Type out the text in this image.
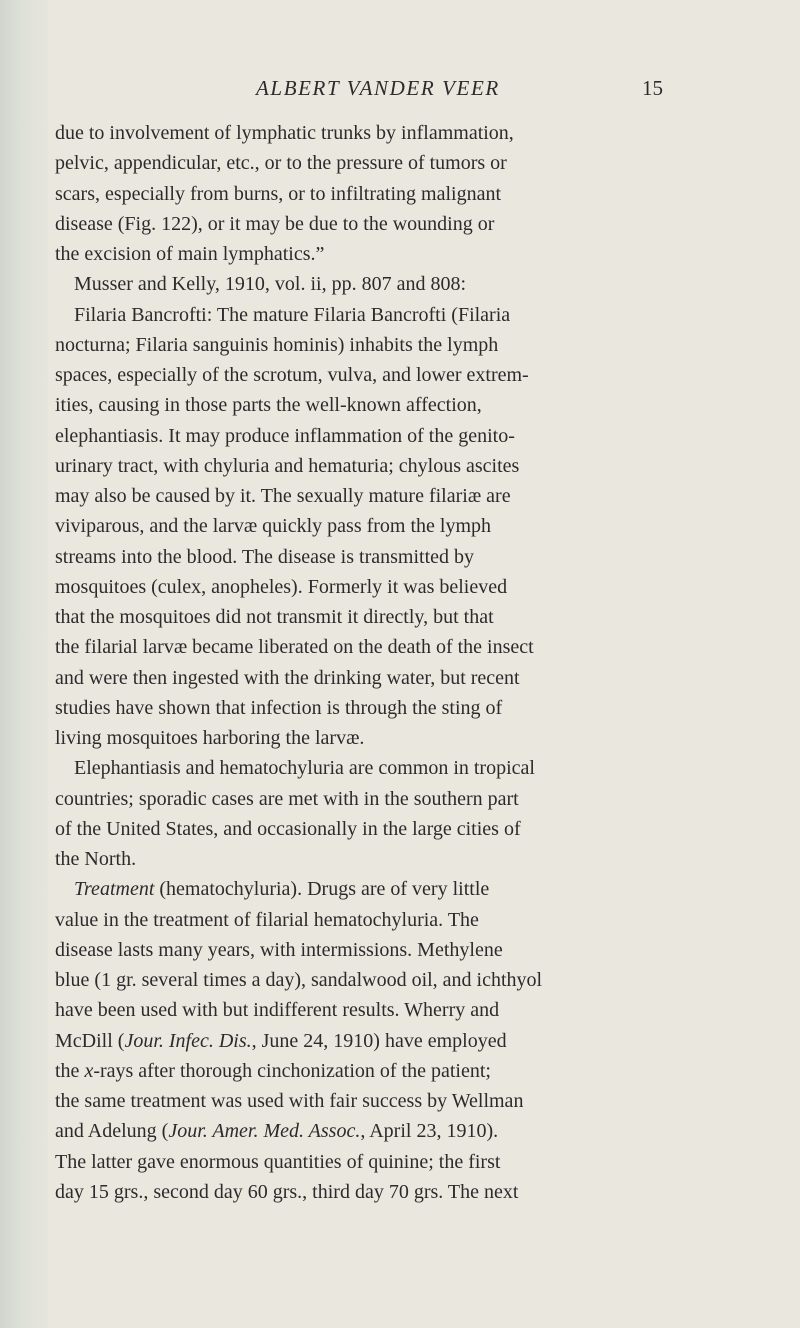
ALBERT VANDER VEER	15
due to involvement of lymphatic trunks by inflammation,
pelvic, appendicular, etc., or to the pressure of tumors or
scars, especially from burns, or to infiltrating malignant
disease (Fig. 122), or it may be due to the wounding or
the excision of main lymphatics.”
Musser and Kelly, 1910, vol. ii, pp. 807 and 808:
Filaria Bancrofti: The mature Filaria Bancrofti (Filaria
nocturna; Filaria sanguinis hominis) inhabits the lymph
spaces, especially of the scrotum, vulva, and lower extrem-
ities, causing in those parts the well-known affection,
elephantiasis. It may produce inflammation of the genito-
urinary tract, with chyluria and hematuria; chylous ascites
may also be caused by it. The sexually mature filariæ are
viviparous, and the larvæ quickly pass from the lymph
streams into the blood. The disease is transmitted by
mosquitoes (culex, anopheles). Formerly it was believed
that the mosquitoes did not transmit it directly, but that
the filarial larvæ became liberated on the death of the insect
and were then ingested with the drinking water, but recent
studies have shown that infection is through the sting of
living mosquitoes harboring the larvæ.
Elephantiasis and hematochyluria are common in tropical
countries; sporadic cases are met with in the southern part
of the United States, and occasionally in the large cities of
the North.
Treatment (hematochyluria). Drugs are of very little
value in the treatment of filarial hematochyluria. The
disease lasts many years, with intermissions. Methylene
blue (1 gr. several times a day), sandalwood oil, and ichthyol
have been used with but indifferent results. Wherry and
McDill (Jour. Infec. Dis., June 24, 1910) have employed
the x-rays after thorough cinchonization of the patient;
the same treatment was used with fair success by Wellman
and Adelung (Jour. Amer. Med. Assoc., April 23, 1910).
The latter gave enormous quantities of quinine; the first
day 15 grs., second day 60 grs., third day 70 grs. The next
